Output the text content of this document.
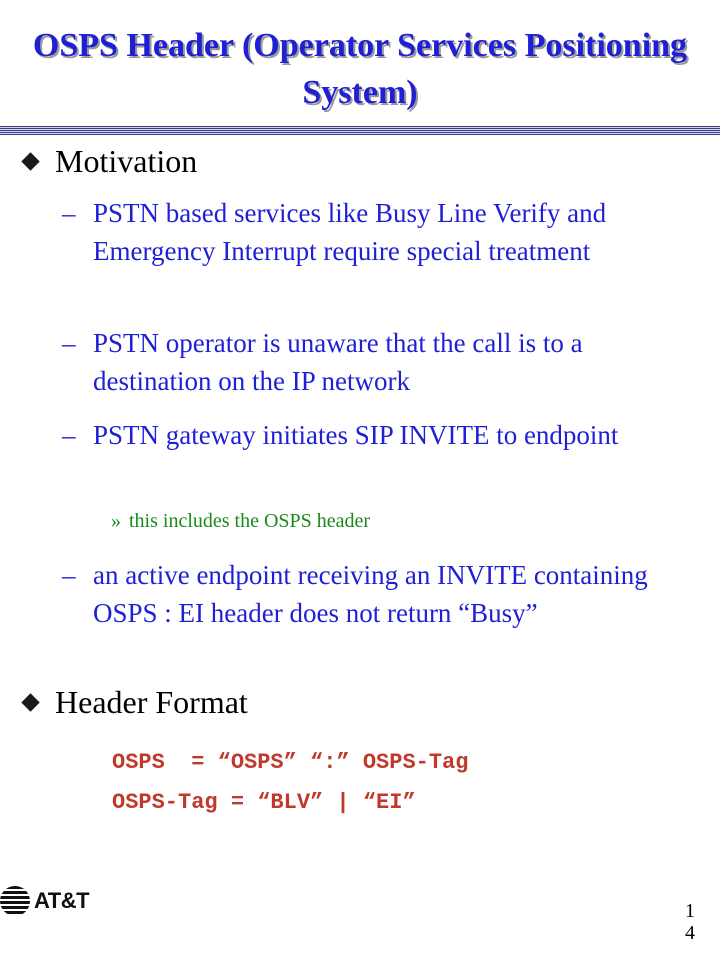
OSPS Header (Operator Services Positioning
System)
Motivation
– PSTN based services like Busy Line Verify and Emergency Interrupt require special treatment
– PSTN operator is unaware that the call is to a destination on the IP network
– PSTN gateway initiates SIP INVITE to endpoint
» this includes the OSPS header
– an active endpoint receiving an INVITE containing OSPS : EI header does not return “Busy”
Header Format
OSPS  = “OSPS” “:” OSPS-Tag
OSPS-Tag = “BLV” | “EI”
AT&T	1
4
